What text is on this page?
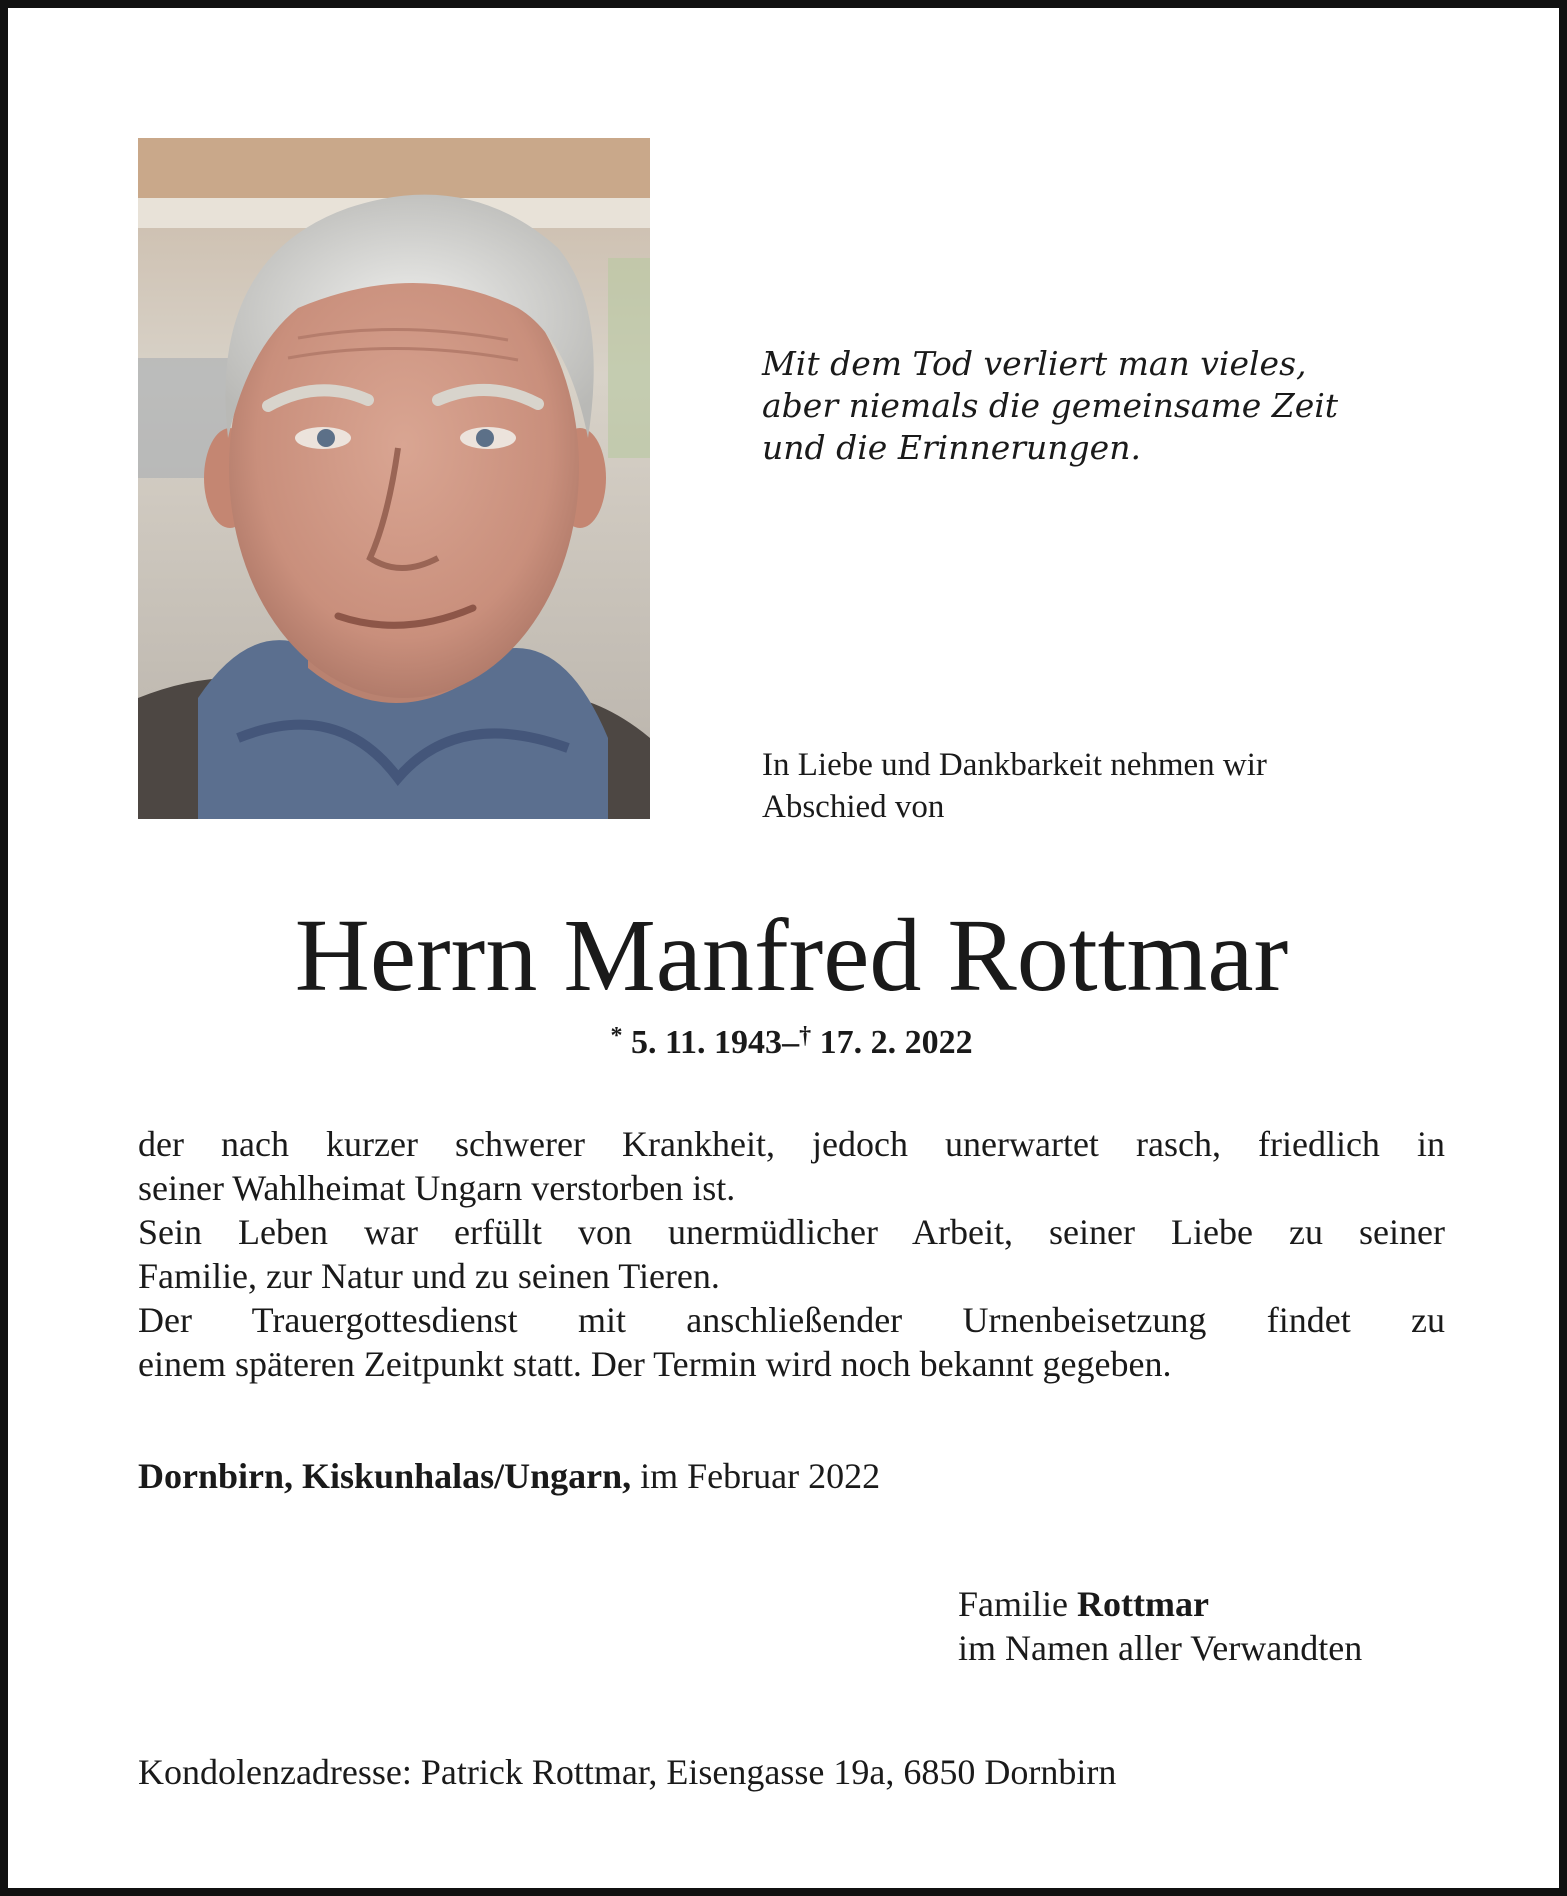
Mit dem Tod verliert man vieles,
aber niemals die gemeinsame Zeit
und die Erinnerungen.
In Liebe und Dankbarkeit nehmen wir
Abschied von
Herrn Manfred Rottmar
* 5. 11. 1943–† 17. 2. 2022
der nach kurzer schwerer Krankheit, jedoch unerwartet rasch, friedlich in
seiner Wahlheimat Ungarn verstorben ist.
Sein Leben war erfüllt von unermüdlicher Arbeit, seiner Liebe zu seiner
Familie, zur Natur und zu seinen Tieren.
Der Trauergottesdienst mit anschließender Urnenbeisetzung findet zu
einem späteren Zeitpunkt statt. Der Termin wird noch bekannt gegeben.
Dornbirn, Kiskunhalas/Ungarn, im Februar 2022
Familie Rottmar
im Namen aller Verwandten
Kondolenzadresse: Patrick Rottmar, Eisengasse 19a, 6850 Dornbirn
